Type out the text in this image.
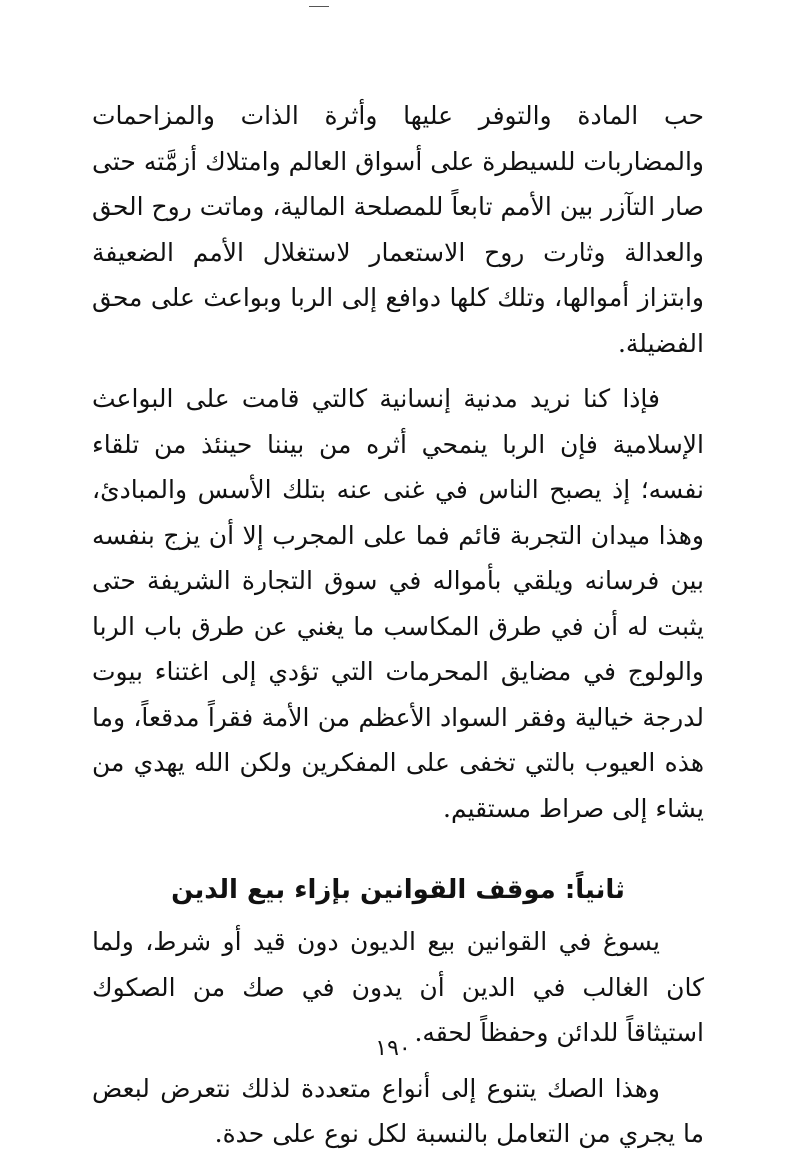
حب المادة والتوفر عليها وأثرة الذات والمزاحمات والمضاربات للسيطرة على أسواق العالم وامتلاك أزمَّته حتى صار التآزر بين الأمم تابعاً للمصلحة المالية، وماتت روح الحق والعدالة وثارت روح الاستعمار لاستغلال الأمم الضعيفة وابتزاز أموالها، وتلك كلها دوافع إلى الربا وبواعث على محق الفضيلة.

فإذا كنا نريد مدنية إنسانية كالتي قامت على البواعث الإسلامية فإن الربا ينمحي أثره من بيننا حينئذ من تلقاء نفسه؛ إذ يصبح الناس في غنى عنه بتلك الأسس والمبادئ، وهذا ميدان التجربة قائم فما على المجرب إلا أن يزج بنفسه بين فرسانه ويلقي بأمواله في سوق التجارة الشريفة حتى يثبت له أن في طرق المكاسب ما يغني عن طرق باب الربا والولوج في مضايق المحرمات التي تؤدي إلى اغتناء بيوت لدرجة خيالية وفقر السواد الأعظم من الأمة فقراً مدقعاً، وما هذه العيوب بالتي تخفى على المفكرين ولكن الله يهدي من يشاء إلى صراط مستقيم.

ثانياً: موقف القوانين بإزاء بيع الدين

يسوغ في القوانين بيع الديون دون قيد أو شرط، ولما كان الغالب في الدين أن يدون في صك من الصكوك استيثاقاً للدائن وحفظاً لحقه.

وهذا الصك يتنوع إلى أنواع متعددة لذلك نتعرض لبعض ما يجري من التعامل بالنسبة لكل نوع على حدة.

١٩٠
